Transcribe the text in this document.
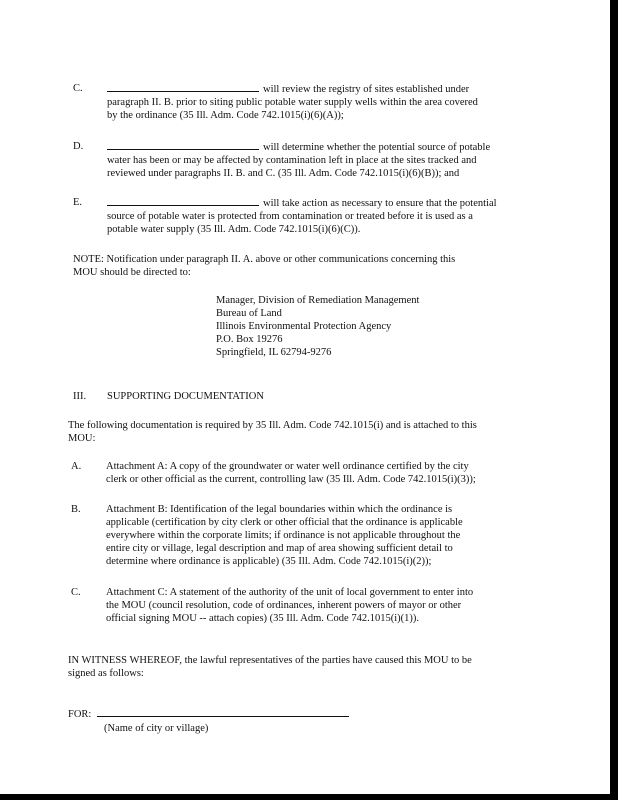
C.	will review the registry of sites established under
paragraph II. B. prior to siting public potable water supply wells within the area covered
by the ordinance (35 Ill. Adm. Code 742.1015(i)(6)(A));
D.	will determine whether the potential source of potable
water has been or may be affected by contamination left in place at the sites tracked and
reviewed under paragraphs II. B. and C. (35 Ill. Adm. Code 742.1015(i)(6)(B)); and
E.	will take action as necessary to ensure that the potential
source of potable water is protected from contamination or treated before it is used as a
potable water supply (35 Ill. Adm. Code 742.1015(i)(6)(C)).
NOTE: Notification under paragraph II. A. above or other communications concerning this
MOU should be directed to:
Manager, Division of Remediation Management
Bureau of Land
Illinois Environmental Protection Agency
P.O. Box 19276
Springfield, IL 62794-9276
III. SUPPORTING DOCUMENTATION
The following documentation is required by 35 Ill. Adm. Code 742.1015(i) and is attached to this
MOU:
A. Attachment A: A copy of the groundwater or water well ordinance certified by the city
clerk or other official as the current, controlling law (35 Ill. Adm. Code 742.1015(i)(3));
B. Attachment B: Identification of the legal boundaries within which the ordinance is
applicable (certification by city clerk or other official that the ordinance is applicable
everywhere within the corporate limits; if ordinance is not applicable throughout the
entire city or village, legal description and map of area showing sufficient detail to
determine where ordinance is applicable) (35 Ill. Adm. Code 742.1015(i)(2));
C. Attachment C: A statement of the authority of the unit of local government to enter into
the MOU (council resolution, code of ordinances, inherent powers of mayor or other
official signing MOU -- attach copies) (35 Ill. Adm. Code 742.1015(i)(1)).
IN WITNESS WHEREOF, the lawful representatives of the parties have caused this MOU to be
signed as follows:
FOR:
(Name of city or village)
